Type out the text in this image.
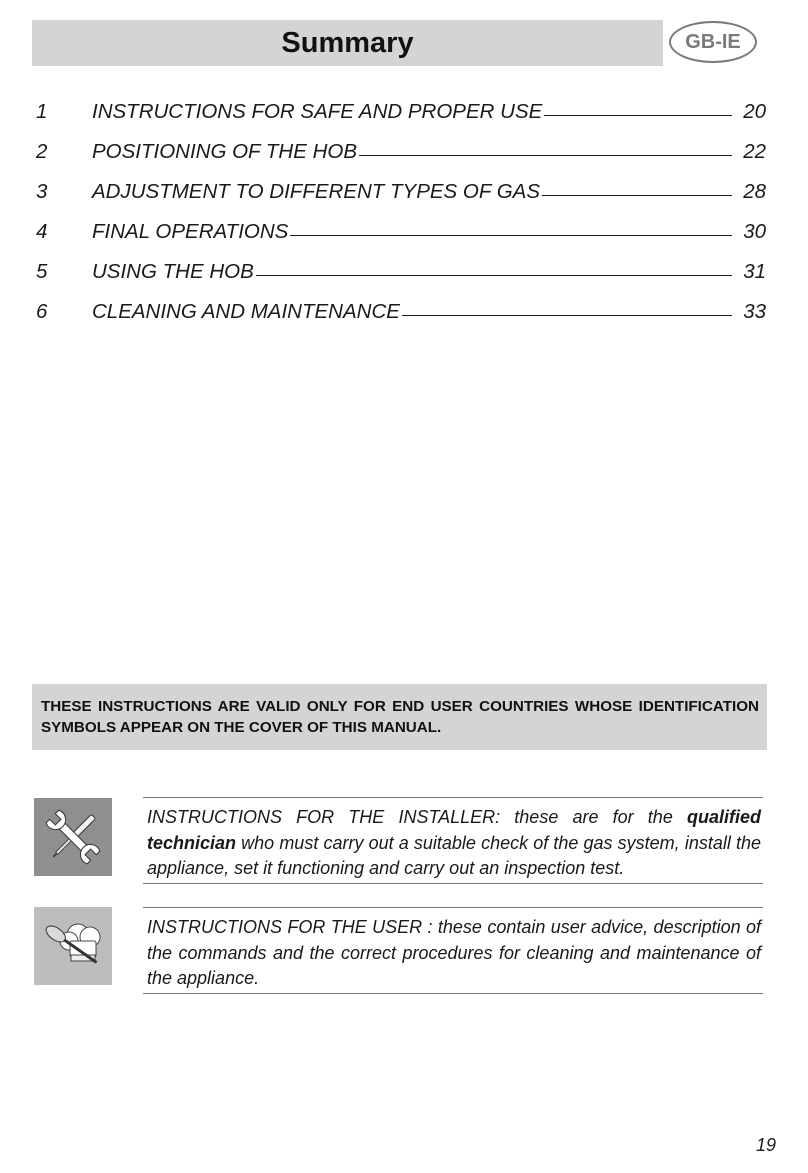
Summary	GB-IE
1	INSTRUCTIONS FOR SAFE AND PROPER USE	20
2	POSITIONING OF THE HOB	22
3	ADJUSTMENT TO DIFFERENT TYPES OF GAS	28
4	FINAL OPERATIONS	30
5	USING THE HOB	31
6	CLEANING AND MAINTENANCE	33
THESE INSTRUCTIONS ARE VALID ONLY FOR END USER COUNTRIES WHOSE IDENTIFICATION SYMBOLS APPEAR ON THE COVER OF THIS MANUAL.
INSTRUCTIONS FOR THE INSTALLER: these are for the qualified technician who must carry out a suitable check of the gas system, install the appliance, set it functioning and carry out an inspection test.
INSTRUCTIONS FOR THE USER : these contain user advice, description of the commands and the correct procedures for cleaning and maintenance of the appliance.
19
